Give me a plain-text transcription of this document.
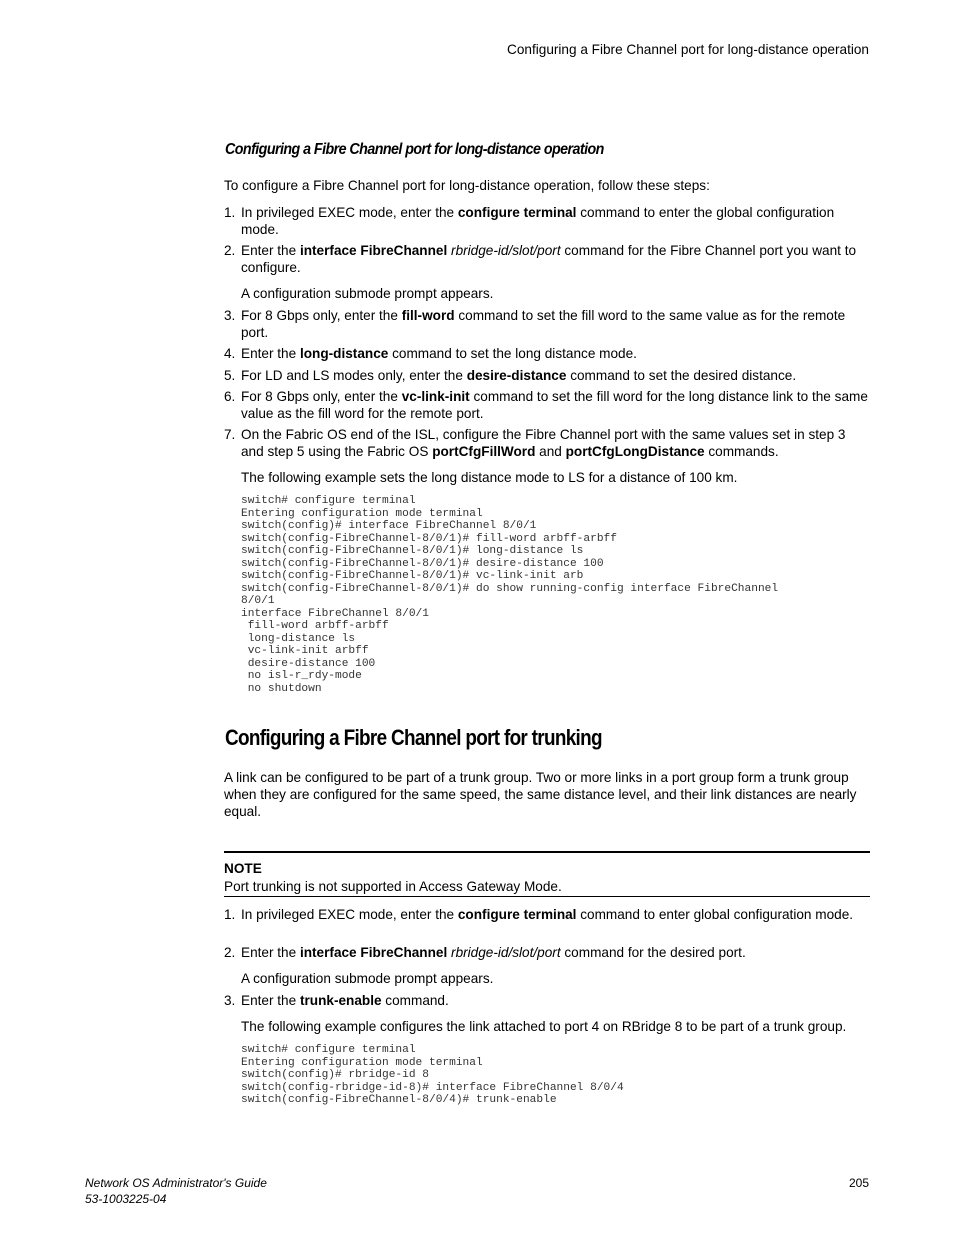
Configuring a Fibre Channel port for long-distance operation
Configuring a Fibre Channel port for long-distance operation
To configure a Fibre Channel port for long-distance operation, follow these steps:
1. In privileged EXEC mode, enter the configure terminal command to enter the global configuration mode.
2. Enter the interface FibreChannel rbridge-id/slot/port command for the Fibre Channel port you want to configure.
A configuration submode prompt appears.
3. For 8 Gbps only, enter the fill-word command to set the fill word to the same value as for the remote port.
4. Enter the long-distance command to set the long distance mode.
5. For LD and LS modes only, enter the desire-distance command to set the desired distance.
6. For 8 Gbps only, enter the vc-link-init command to set the fill word for the long distance link to the same value as the fill word for the remote port.
7. On the Fabric OS end of the ISL, configure the Fibre Channel port with the same values set in step 3 and step 5 using the Fabric OS portCfgFillWord and portCfgLongDistance commands.
The following example sets the long distance mode to LS for a distance of 100 km.
switch# configure terminal
Entering configuration mode terminal
switch(config)# interface FibreChannel 8/0/1
switch(config-FibreChannel-8/0/1)# fill-word arbff-arbff
switch(config-FibreChannel-8/0/1)# long-distance ls
switch(config-FibreChannel-8/0/1)# desire-distance 100
switch(config-FibreChannel-8/0/1)# vc-link-init arb
switch(config-FibreChannel-8/0/1)# do show running-config interface FibreChannel
8/0/1
interface FibreChannel 8/0/1
fill-word arbff-arbff
long-distance ls
vc-link-init arbff
desire-distance 100
no isl-r_rdy-mode
no shutdown
Configuring a Fibre Channel port for trunking
A link can be configured to be part of a trunk group. Two or more links in a port group form a trunk group when they are configured for the same speed, the same distance level, and their link distances are nearly equal.
NOTE
Port trunking is not supported in Access Gateway Mode.
1. In privileged EXEC mode, enter the configure terminal command to enter global configuration mode.
2. Enter the interface FibreChannel rbridge-id/slot/port command for the desired port.
A configuration submode prompt appears.
3. Enter the trunk-enable command.
The following example configures the link attached to port 4 on RBridge 8 to be part of a trunk group.
switch# configure terminal
Entering configuration mode terminal
switch(config)# rbridge-id 8
switch(config-rbridge-id-8)# interface FibreChannel 8/0/4
switch(config-FibreChannel-8/0/4)# trunk-enable
Network OS Administrator's Guide
53-1003225-04
205
